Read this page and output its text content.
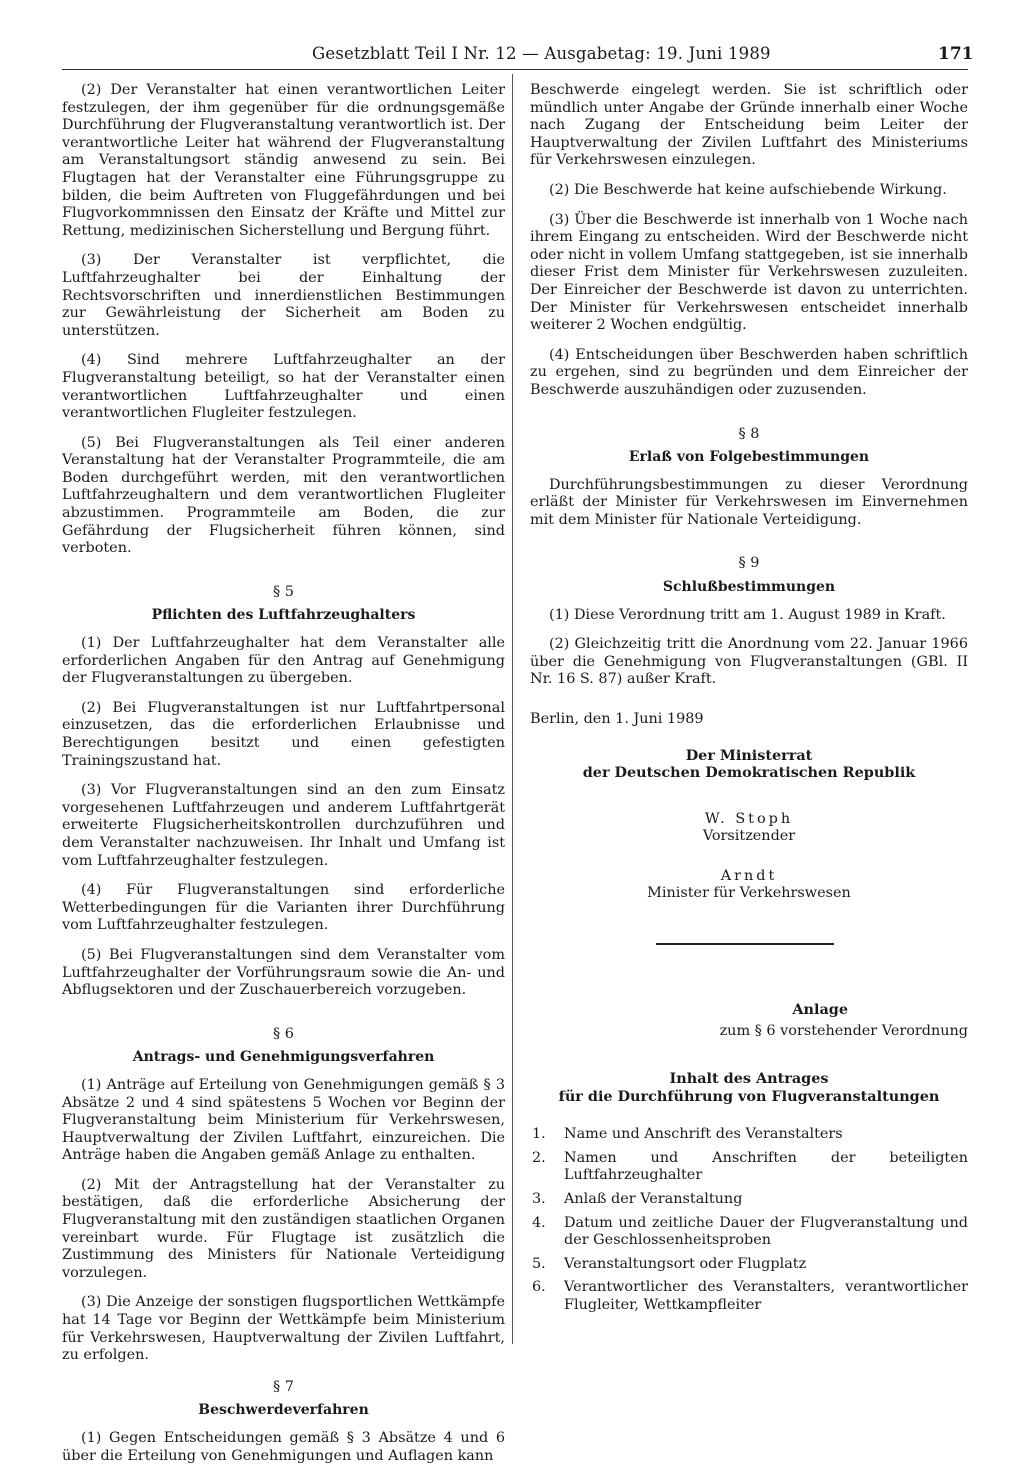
Gesetzblatt Teil I Nr. 12 — Ausgabetag: 19. Juni 1989	171

(2) Der Veranstalter hat einen verantwortlichen Leiter festzulegen, der ihm gegenüber für die ordnungsgemäße Durchführung der Flugveranstaltung verantwortlich ist. Der verantwortliche Leiter hat während der Flugveranstaltung am Veranstaltungsort ständig anwesend zu sein. Bei Flugtagen hat der Veranstalter eine Führungsgruppe zu bilden, die beim Auftreten von Fluggefährdungen und bei Flugvorkommnissen den Einsatz der Kräfte und Mittel zur Rettung, medizinischen Sicherstellung und Bergung führt.

(3) Der Veranstalter ist verpflichtet, die Luftfahrzeughalter bei der Einhaltung der Rechtsvorschriften und innerdienstlichen Bestimmungen zur Gewährleistung der Sicherheit am Boden zu unterstützen.

(4) Sind mehrere Luftfahrzeughalter an der Flugveranstaltung beteiligt, so hat der Veranstalter einen verantwortlichen Luftfahrzeughalter und einen verantwortlichen Flugleiter festzulegen.

(5) Bei Flugveranstaltungen als Teil einer anderen Veranstaltung hat der Veranstalter Programmteile, die am Boden durchgeführt werden, mit den verantwortlichen Luftfahrzeughaltern und dem verantwortlichen Flugleiter abzustimmen. Programmteile am Boden, die zur Gefährdung der Flugsicherheit führen können, sind verboten.

§ 5
Pflichten des Luftfahrzeughalters

(1) Der Luftfahrzeughalter hat dem Veranstalter alle erforderlichen Angaben für den Antrag auf Genehmigung der Flugveranstaltungen zu übergeben.

(2) Bei Flugveranstaltungen ist nur Luftfahrtpersonal einzusetzen, das die erforderlichen Erlaubnisse und Berechtigungen besitzt und einen gefestigten Trainingszustand hat.

(3) Vor Flugveranstaltungen sind an den zum Einsatz vorgesehenen Luftfahrzeugen und anderem Luftfahrtgerät erweiterte Flugsicherheitskontrollen durchzuführen und dem Veranstalter nachzuweisen. Ihr Inhalt und Umfang ist vom Luftfahrzeughalter festzulegen.

(4) Für Flugveranstaltungen sind erforderliche Wetterbedingungen für die Varianten ihrer Durchführung vom Luftfahrzeughalter festzulegen.

(5) Bei Flugveranstaltungen sind dem Veranstalter vom Luftfahrzeughalter der Vorführungsraum sowie die An- und Abflugsektoren und der Zuschauerbereich vorzugeben.

§ 6
Antrags- und Genehmigungsverfahren

(1) Anträge auf Erteilung von Genehmigungen gemäß § 3 Absätze 2 und 4 sind spätestens 5 Wochen vor Beginn der Flugveranstaltung beim Ministerium für Verkehrswesen, Hauptverwaltung der Zivilen Luftfahrt, einzureichen. Die Anträge haben die Angaben gemäß Anlage zu enthalten.

(2) Mit der Antragstellung hat der Veranstalter zu bestätigen, daß die erforderliche Absicherung der Flugveranstaltung mit den zuständigen staatlichen Organen vereinbart wurde. Für Flugtage ist zusätzlich die Zustimmung des Ministers für Nationale Verteidigung vorzulegen.

(3) Die Anzeige der sonstigen flugsportlichen Wettkämpfe hat 14 Tage vor Beginn der Wettkämpfe beim Ministerium für Verkehrswesen, Hauptverwaltung der Zivilen Luftfahrt, zu erfolgen.

§ 7
Beschwerdeverfahren

(1) Gegen Entscheidungen gemäß § 3 Absätze 4 und 6 über die Erteilung von Genehmigungen und Auflagen kann

Beschwerde eingelegt werden. Sie ist schriftlich oder mündlich unter Angabe der Gründe innerhalb einer Woche nach Zugang der Entscheidung beim Leiter der Hauptverwaltung der Zivilen Luftfahrt des Ministeriums für Verkehrswesen einzulegen.

(2) Die Beschwerde hat keine aufschiebende Wirkung.

(3) Über die Beschwerde ist innerhalb von 1 Woche nach ihrem Eingang zu entscheiden. Wird der Beschwerde nicht oder nicht in vollem Umfang stattgegeben, ist sie innerhalb dieser Frist dem Minister für Verkehrswesen zuzuleiten. Der Einreicher der Beschwerde ist davon zu unterrichten. Der Minister für Verkehrswesen entscheidet innerhalb weiterer 2 Wochen endgültig.

(4) Entscheidungen über Beschwerden haben schriftlich zu ergehen, sind zu begründen und dem Einreicher der Beschwerde auszuhändigen oder zuzusenden.

§ 8
Erlaß von Folgebestimmungen

Durchführungsbestimmungen zu dieser Verordnung erläßt der Minister für Verkehrswesen im Einvernehmen mit dem Minister für Nationale Verteidigung.

§ 9
Schlußbestimmungen

(1) Diese Verordnung tritt am 1. August 1989 in Kraft.

(2) Gleichzeitig tritt die Anordnung vom 22. Januar 1966 über die Genehmigung von Flugveranstaltungen (GBl. II Nr. 16 S. 87) außer Kraft.

Berlin, den 1. Juni 1989

Der Ministerrat
der Deutschen Demokratischen Republik

W. Stoph

Vorsitzender

Arndt

Minister für Verkehrswesen

Anlage
zum § 6 vorstehender Verordnung
Inhalt des Antrages
für die Durchführung von Flugveranstaltungen
1. Name und Anschrift des Veranstalters
2. Namen und Anschriften der beteiligten Luftfahrzeughalter
3. Anlaß der Veranstaltung
4. Datum und zeitliche Dauer der Flugveranstaltung und der Geschlossenheitsproben
5. Veranstaltungsort oder Flugplatz
6. Verantwortlicher des Veranstalters, verantwortlicher Flugleiter, Wettkampfleiter
